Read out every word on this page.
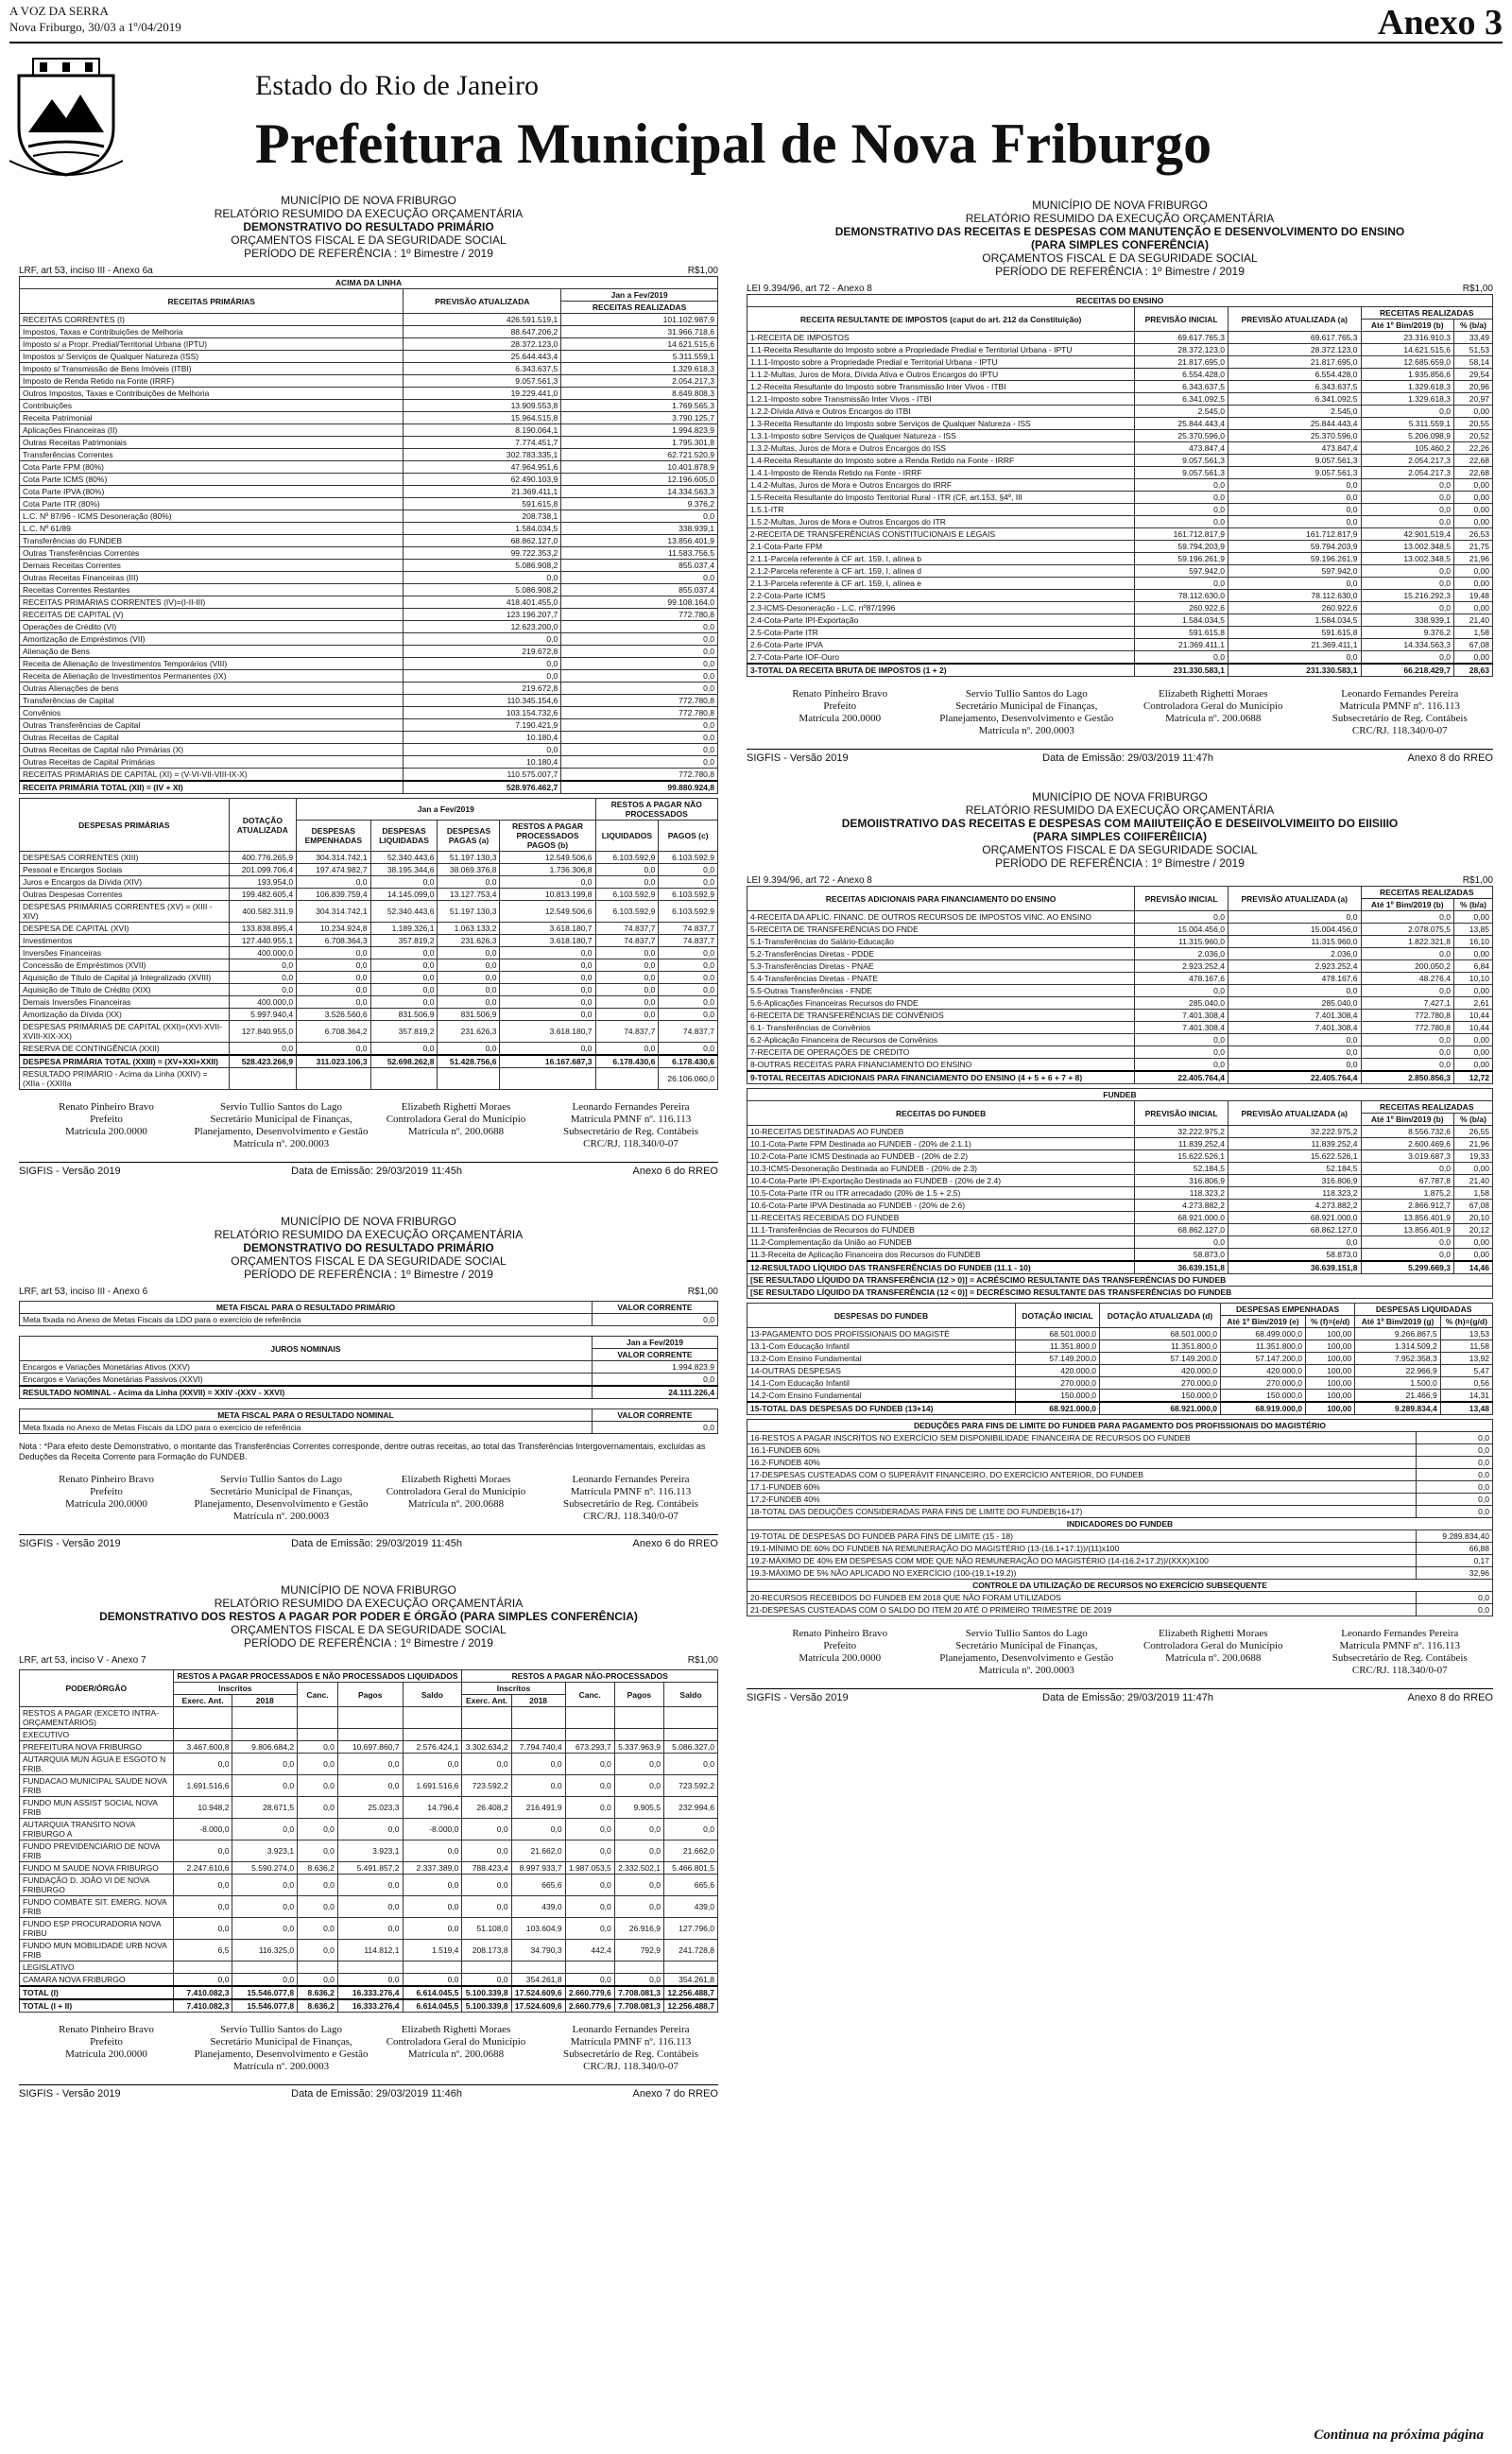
A VOZ DA SERRA
Nova Friburgo, 30/03 a 1º/04/2019	Anexo 3
Estado do Rio de Janeiro
Prefeitura Municipal de Nova Friburgo
MUNICÍPIO DE NOVA FRIBURGO
RELATÓRIO RESUMIDO DA EXECUÇÃO ORÇAMENTÁRIA
DEMONSTRATIVO DO RESULTADO PRIMÁRIO
ORÇAMENTOS FISCAL E DA SEGURIDADE SOCIAL
PERÍODO DE REFERÊNCIA : 1º Bimestre / 2019
LRF, art 53, inciso III - Anexo 6a	R$1,00
ACIMA DA LINHA		
RECEITAS PRIMÁRIAS	PREVISÃO ATUALIZADA	Jan a Fev/2019
		RECEITAS REALIZADAS
RECEITAS CORRENTES (I)	426.591.519,1	101.102.987,9
Impostos, Taxas e Contribuições de Melhoria	88.647.206,2	31.966.718,6
Imposto s/ a Propr. Predial/Territorial Urbana (IPTU)	28.372.123,0	14.621.515,6
Impostos s/ Serviços de Qualquer Natureza (ISS)	25.644.443,4	5.311.559,1
Imposto s/ Transmissão de Bens Imóveis (ITBI)	6.343.637,5	1.329.618,3
Imposto de Renda Retido na Fonte (IRRF)	9.057.561,3	2.054.217,3
Outros Impostos, Taxas e Contribuições de Melhoria	19.229.441,0	8.649.808,3
Contribuições	13.909.553,8	1.769.565,3
Receita Patrimonial	15.964.515,8	3.790.125,7
Aplicações Financeiras (II)	8.190.064,1	1.994.823,9
Outras Receitas Patrimoniais	7.774.451,7	1.795.301,8
Transferências Correntes	302.783.335,1	62.721.520,9
Cota Parte FPM (80%)	47.964.951,6	10.401.878,9
Cota Parte ICMS (80%)	62.490.103,9	12.196.605,0
Cota Parte IPVA (80%)	21.369.411,1	14.334.563,3
Cota Parte ITR (80%)	591.615,8	9.376,2
L.C. Nº 87/96 - ICMS Desoneração (80%)	208.738,1	0,0
L.C. Nº 61/89	1.584.034,5	338.939,1
Transferências do FUNDEB	68.862.127,0	13.856.401,9
Outras Transferências Correntes	99.722.353,2	11.583.756,5
Demais Receitas Correntes	5.086.908,2	855.037,4
Outras Receitas Financeiras (III)	0,0	0,0
Receitas Correntes Restantes	5.086.908,2	855.037,4
RECEITAS PRIMÁRIAS CORRENTES (IV)=(I-II-III)	418.401.455,0	99.108.164,0
RECEITAS DE CAPITAL (V)	123.196.207,7	772.780,8
Operações de Crédito (VI)	12.623.200,0	0,0
Amortização de Empréstimos (VII)	0,0	0,0
Alienação de Bens	219.672,8	0,0
Receita de Alienação de Investimentos Temporários (VIII)	0,0	0,0
Receita de Alienação de Investimentos Permanentes (IX)	0,0	0,0
Outras Alienações de bens	219.672,8	0,0
Transferências de Capital	110.345.154,6	772.780,8
Convênios	103.154.732,6	772.780,8
Outras Transferências de Capital	7.190.421,9	0,0
Outras Receitas de Capital	10.180,4	0,0
Outras Receitas de Capital não Primárias (X)	0,0	0,0
Outras Receitas de Capital Primárias	10.180,4	0,0
RECEITAS PRIMÁRIAS DE CAPITAL (XI) = (V-VI-VII-VIII-IX-X)	110.575.007,7	772.780,8
RECEITA PRIMÁRIA TOTAL (XII) = (IV + XI)	528.976.462,7	99.880.924,8
DESPESAS PRIMÁRIAS	DOTAÇÃO ATUALIZADA	Jan a Fev/2019				RESTOS A PAGAR NÃO PROCESSADOS	
		DESPESAS EMPENHADAS	DESPESAS LIQUIDADAS	DESPESAS PAGAS (a)	RESTOS A PAGAR PROCESSADOS PAGOS (b)	LIQUIDADOS	PAGOS (c)
DESPESAS CORRENTES (XIII)	400.776.265,9	304.314.742,1	52.340.443,6	51.197.130,3	12.549.506,6	6.103.592,9	6.103.592,9
Pessoal e Encargos Sociais	201.099.706,4	197.474.982,7	38.195.344,6	38.069.376,8	1.736.306,8	0,0	0,0
Juros e Encargos da Dívida (XIV)	193.954,0	0,0	0,0	0,0	0,0	0,0	0,0
Outras Despesas Correntes	199.482.605,4	106.839.759,4	14.145.099,0	13.127.753,4	10.813.199,8	6.103.592,9	6.103.592,9
DESPESAS PRIMÁRIAS CORRENTES (XV) = (XIII - XIV)	400.582.311,9	304.314.742,1	52.340.443,6	51.197.130,3	12.549.506,6	6.103.592,9	6.103.592,9
DESPESA DE CAPITAL (XVI)	133.838.895,4	10.234.924,8	1.189.326,1	1.063.133,2	3.618.180,7	74.837,7	74.837,7
Investimentos	127.440.955,1	6.708.364,3	357.819,2	231.626,3	3.618.180,7	74.837,7	74.837,7
Inversões Financeiras	400.000,0	0,0	0,0	0,0	0,0	0,0	0,0
Concessão de Empréstimos (XVII)	0,0	0,0	0,0	0,0	0,0	0,0	0,0
Aquisição de Título de Capital já Integralizado (XVIII)	0,0	0,0	0,0	0,0	0,0	0,0	0,0
Aquisição de Título de Crédito (XIX)	0,0	0,0	0,0	0,0	0,0	0,0	0,0
Demais Inversões Financeiras	400.000,0	0,0	0,0	0,0	0,0	0,0	0,0
Amortização da Dívida (XX)	5.997.940,4	3.526.560,6	831.506,9	831.506,9	0,0	0,0	0,0
DESPESAS PRIMÁRIAS DE CAPITAL (XXI)=(XVI-XVII-XVIII-XIX-XX)	127.840.955,0	6.708.364,2	357.819,2	231.626,3	3.618.180,7	74.837,7	74.837,7
RESERVA DE CONTINGÊNCIA (XXII)	0,0	0,0	0,0	0,0	0,0	0,0	0,0
DESPESA PRIMÁRIA TOTAL (XXIII) = (XV+XXI+XXII)	528.423.266,9	311.023.106,3	52.698.262,8	51.428.756,6	16.167.687,3	6.178.430,6	6.178.430,6
RESULTADO PRIMÁRIO - Acima da Linha (XXIV) = (XIIa - (XXIIIa							26.106.060,0
Renato Pinheiro Bravo
Prefeito
Matrícula 200.0000
Servio Tullio Santos do Lago
Secretário Municipal de Finanças,
Planejamento, Desenvolvimento e Gestão
Matrícula nº. 200.0003
Elizabeth Righetti Moraes
Controladora Geral do Município
Matrícula nº. 200.0688
Leonardo Fernandes Pereira
Matrícula PMNF nº. 116.113
Subsecretário de Reg. Contábeis
CRC/RJ. 118.340/0-07
SIGFIS - Versão 2019	Data de Emissão: 29/03/2019 11:45h	Anexo 6 do RREO
MUNICÍPIO DE NOVA FRIBURGO
RELATÓRIO RESUMIDO DA EXECUÇÃO ORÇAMENTÁRIA
DEMONSTRATIVO DO RESULTADO PRIMÁRIO
ORÇAMENTOS FISCAL E DA SEGURIDADE SOCIAL
PERÍODO DE REFERÊNCIA : 1º Bimestre / 2019
LRF, art 53, inciso III - Anexo 6	R$1,00
META FISCAL PARA O RESULTADO PRIMÁRIO	VALOR CORRENTE
Meta fixada no Anexo de Metas Fiscais da LDO para o exercício de referência	0,0
JUROS NOMINAIS	Jan a Fev/2019
	VALOR CORRENTE
Encargos e Variações Monetárias Ativos (XXV)	1.994.823,9
Encargos e Variações Monetárias Passivos (XXVI)	0,0
RESULTADO NOMINAL - Acima da Linha (XXVII) = XXIV -(XXV - XXVI)	24.111.226,4
META FISCAL PARA O RESULTADO NOMINAL	VALOR CORRENTE
Meta fixada no Anexo de Metas Fiscais da LDO para o exercício de referência	0,0
Nota : *Para efeito deste Demonstrativo, o montante das Transferências Correntes corresponde, dentre outras receitas, ao total das Transferências Intergovernamentais, excluídas as Deduções da Receita Corrente para Formação do FUNDEB.
Renato Pinheiro Bravo
Prefeito
Matrícula 200.0000
Servio Tullio Santos do Lago
Secretário Municipal de Finanças,
Planejamento, Desenvolvimento e Gestão
Matrícula nº. 200.0003
Elizabeth Righetti Moraes
Controladora Geral do Município
Matrícula nº. 200.0688
Leonardo Fernandes Pereira
Matrícula PMNF nº. 116.113
Subsecretário de Reg. Contábeis
CRC/RJ. 118.340/0-07
SIGFIS - Versão 2019	Data de Emissão: 29/03/2019 11:45h	Anexo 6 do RREO
MUNICÍPIO DE NOVA FRIBURGO
RELATÓRIO RESUMIDO DA EXECUÇÃO ORÇAMENTÁRIA
DEMONSTRATIVO DOS RESTOS A PAGAR POR PODER E ÓRGÃO (PARA SIMPLES CONFERÊNCIA)
ORÇAMENTOS FISCAL E DA SEGURIDADE SOCIAL
PERÍODO DE REFERÊNCIA : 1º Bimestre / 2019
LRF, art 53, inciso V - Anexo 7	R$1,00
PODER/ÓRGÃO	RESTOS A PAGAR PROCESSADOS E NÃO PROCESSADOS LIQUIDADOS					RESTOS A PAGAR NÃO-PROCESSADOS				
	Inscritos		Canc.	Pagos	Saldo	Inscritos		Canc.	Pagos	Saldo
	Exerc. Ant.	2018				Exerc. Ant.	2018			
RESTOS A PAGAR (EXCETO INTRA-ORÇAMENTÁRIOS)										
EXECUTIVO										
PREFEITURA NOVA FRIBURGO	3.467.600,8	9.806.684,2	0,0	10.697.860,7	2.576.424,1	3.302.634,2	7.794.740,4	673.293,7	5.337.963,9	5.086.327,0
AUTARQUIA MUN ÁGUA E ESGOTO N FRIB.	0,0	0,0	0,0	0,0	0,0	0,0	0,0	0,0	0,0	0,0
FUNDACAO MUNICIPAL SAUDE NOVA FRIB	1.691.516,6	0,0	0,0	0,0	1.691.516,6	723.592,2	0,0	0,0	0,0	723.592,2
FUNDO MUN ASSIST SOCIAL NOVA FRIB	10.948,2	28.671,5	0,0	25.023,3	14.796,4	26.408,2	216.491,9	0,0	9.905,5	232.994,6
AUTARQUIA TRANSITO NOVA FRIBURGO A	-8.000,0	0,0	0,0	0,0	-8.000,0	0,0	0,0	0,0	0,0	0,0
FUNDO PREVIDENCIÁRIO DE NOVA FRIB	0,0	3.923,1	0,0	3.923,1	0,0	0,0	21.662,0	0,0	0,0	21.662,0
FUNDO M SAUDE NOVA FRIBURGO	2.247.610,6	5.590.274,0	8.636,2	5.491.857,2	2.337.389,0	788.423,4	8.997.933,7	1.987.053,5	2.332.502,1	5.466.801,5
FUNDAÇÃO D. JOÃO VI DE NOVA FRIBURGO	0,0	0,0	0,0	0,0	0,0	0,0	665,6	0,0	0,0	665,6
FUNDO COMBATE SIT. EMERG. NOVA FRIB	0,0	0,0	0,0	0,0	0,0	0,0	439,0	0,0	0,0	439,0
FUNDO ESP PROCURADORIA NOVA FRIBU	0,0	0,0	0,0	0,0	0,0	51.108,0	103.604,9	0,0	26.916,9	127.796,0
FUNDO MUN MOBILIDADE URB NOVA FRIB	6,5	116.325,0	0,0	114.812,1	1.519,4	208.173,8	34.790,3	442,4	792,9	241.728,8
LEGISLATIVO										
CAMARA NOVA FRIBURGO	0,0	0,0	0,0	0,0	0,0	0,0	354.261,8	0,0	0,0	354.261,8
TOTAL (I)	7.410.082,3	15.546.077,8	8.636,2	16.333.276,4	6.614.045,5	5.100.339,8	17.524.609,6	2.660.779,6	7.708.081,3	12.256.488,7
TOTAL (I + II)	7.410.082,3	15.546.077,8	8.636,2	16.333.276,4	6.614.045,5	5.100.339,8	17.524.609,6	2.660.779,6	7.708.081,3	12.256.488,7
Renato Pinheiro Bravo
Prefeito
Matrícula 200.0000
Servio Tullio Santos do Lago
Secretário Municipal de Finanças,
Planejamento, Desenvolvimento e Gestão
Matrícula nº. 200.0003
Elizabeth Righetti Moraes
Controladora Geral do Município
Matrícula nº. 200.0688
Leonardo Fernandes Pereira
Matrícula PMNF nº. 116.113
Subsecretário de Reg. Contábeis
CRC/RJ. 118.340/0-07
SIGFIS - Versão 2019	Data de Emissão: 29/03/2019 11:46h	Anexo 7 do RREO
MUNICÍPIO DE NOVA FRIBURGO
RELATÓRIO RESUMIDO DA EXECUÇÃO ORÇAMENTÁRIA
DEMONSTRATIVO DAS RECEITAS E DESPESAS COM MANUTENÇÃO E DESENVOLVIMENTO DO ENSINO
(PARA SIMPLES CONFERÊNCIA)
ORÇAMENTOS FISCAL E DA SEGURIDADE SOCIAL
PERÍODO DE REFERÊNCIA : 1º Bimestre / 2019
LEI 9.394/96, art 72 - Anexo 8	R$1,00
RECEITAS DO ENSINO				
RECEITA RESULTANTE DE IMPOSTOS (caput do art. 212 da Constituição)	PREVISÃO INICIAL	PREVISÃO ATUALIZADA (a)	RECEITAS REALIZADAS	
			Até 1º Bim/2019 (b)	% (b/a)
1-RECEITA DE IMPOSTOS	69.617.765,3	69.617.765,3	23.316.910,3	33,49
1.1-Receita Resultante do Imposto sobre a Propriedade Predial e Territorial Urbana - IPTU	28.372.123,0	28.372.123,0	14.621.515,6	51,53
1.1.1-Imposto sobre a Propriedade Predial e Territorial Urbana - IPTU	21.817.695,0	21.817.695,0	12.685.659,0	58,14
1.1.2-Multas, Juros de Mora, Dívida Ativa e Outros Encargos do IPTU	6.554.428,0	6.554.428,0	1.935.856,6	29,54
1.2-Receita Resultante do Imposto sobre Transmissão Inter Vivos - ITBI	6.343.637,5	6.343.637,5	1.329.618,3	20,96
1.2.1-Imposto sobre Transmissão Inter Vivos - ITBI	6.341.092,5	6.341.092,5	1.329.618,3	20,97
1.2.2-Dívida Ativa e Outros Encargos do ITBI	2.545,0	2.545,0	0,0	0,00
1.3-Receita Resultante do Imposto sobre Serviços de Qualquer Natureza - ISS	25.844.443,4	25.844.443,4	5.311.559,1	20,55
1.3.1-Imposto sobre Serviços de Qualquer Natureza - ISS	25.370.596,0	25.370.596,0	5.206.098,9	20,52
1.3.2-Multas, Juros de Mora e Outros Encargos do ISS	473.847,4	473.847,4	105.460,2	22,26
1.4-Receita Resultante do Imposto sobre a Renda Retido na Fonte - IRRF	9.057.561,3	9.057.561,3	2.054.217,3	22,68
1.4.1-Imposto de Renda Retido na Fonte - IRRF	9.057.561,3	9.057.561,3	2.054.217,3	22,68
1.4.2-Multas, Juros de Mora e Outros Encargos do IRRF	0,0	0,0	0,0	0,00
1.5-Receita Resultante do Imposto Territorial Rural - ITR (CF, art.153, §4º, III	0,0	0,0	0,0	0,00
1.5.1-ITR	0,0	0,0	0,0	0,00
1.5.2-Multas, Juros de Mora e Outros Encargos do ITR	0,0	0,0	0,0	0,00
2-RECEITA DE TRANSFERÊNCIAS CONSTITUCIONAIS E LEGAIS	161.712.817,9	161.712.817,9	42.901.519,4	26,53
2.1-Cota-Parte FPM	59.794.203,9	59.794.203,9	13.002.348,5	21,75
2.1.1-Parcela referente à CF art. 159, I, alínea b	59.196.261,9	59.196.261,9	13.002.348,5	21,96
2.1.2-Parcela referente à CF art. 159, I, alínea d	597.942,0	597.942,0	0,0	0,00
2.1.3-Parcela referente à CF art. 159, I, alínea e	0,0	0,0	0,0	0,00
2.2-Cota-Parte ICMS	78.112.630,0	78.112.630,0	15.216.292,3	19,48
2.3-ICMS-Desoneração - L.C. nº87/1996	260.922,6	260.922,6	0,0	0,00
2.4-Cota-Parte IPI-Exportação	1.584.034,5	1.584.034,5	338.939,1	21,40
2.5-Cota-Parte ITR	591.615,8	591.615,8	9.376,2	1,58
2.6-Cota-Parte IPVA	21.369.411,1	21.369.411,1	14.334.563,3	67,08
2.7-Cota-Parte IOF-Ouro	0,0	0,0	0,0	0,00
3-TOTAL DA RECEITA BRUTA DE IMPOSTOS (1 + 2)	231.330.583,1	231.330.583,1	66.218.429,7	28,63
Renato Pinheiro Bravo
Prefeito
Matrícula 200.0000
Servio Tullio Santos do Lago
Secretário Municipal de Finanças,
Planejamento, Desenvolvimento e Gestão
Matrícula nº. 200.0003
Elizabeth Righetti Moraes
Controladora Geral do Município
Matrícula nº. 200.0688
Leonardo Fernandes Pereira
Matrícula PMNF nº. 116.113
Subsecretário de Reg. Contábeis
CRC/RJ. 118.340/0-07
SIGFIS - Versão 2019	Data de Emissão: 29/03/2019 11:47h	Anexo 8 do RREO
MUNICÍPIO DE NOVA FRIBURGO
RELATÓRIO RESUMIDO DA EXECUÇÃO ORÇAMENTÁRIA
DEMOIISTRATIVO DAS RECEITAS E DESPESAS COM MAIIUTEIIÇÃO E DESEIIVOLVIMEIITO DO EIISIIIO
(PARA SIMPLES COIIFERÊIICIA)
ORÇAMENTOS FISCAL E DA SEGURIDADE SOCIAL
PERÍODO DE REFERÊNCIA : 1º Bimestre / 2019
LEI 9.394/96, art 72 - Anexo 8	R$1,00
RECEITAS ADICIONAIS PARA FINANCIAMENTO DO ENSINO	PREVISÃO INICIAL	PREVISÃO ATUALIZADA (a)	RECEITAS REALIZADAS	
			Até 1º Bim/2019 (b)	% (b/a)
4-RECEITA DA APLIC. FINANC. DE OUTROS RECURSOS DE IMPOSTOS VINC. AO ENSINO	0,0	0,0	0,0	0,00
5-RECEITA DE TRANSFERÊNCIAS DO FNDE	15.004.456,0	15.004.456,0	2.078.075,5	13,85
5.1-Transferências do Salário-Educação	11.315.960,0	11.315.960,0	1.822.321,8	16,10
5.2-Transferências Diretas - PDDE	2.036,0	2.036,0	0,0	0,00
5.3-Transferências Diretas - PNAE	2.923.252,4	2.923.252,4	200.050,2	6,84
5.4-Transferências Diretas - PNATE	478.167,6	478.167,6	48.276,4	10,10
5.5-Outras Transferências - FNDE	0,0	0,0	0,0	0,00
5.6-Aplicações Financeiras Recursos do FNDE	285.040,0	285.040,0	7.427,1	2,61
6-RECEITA DE TRANSFERÊNCIAS DE CONVÊNIOS	7.401.308,4	7.401.308,4	772.780,8	10,44
6.1- Transferências de Convênios	7.401.308,4	7.401.308,4	772.780,8	10,44
6.2-Aplicação Financeira de Recursos de Convênios	0,0	0,0	0,0	0,00
7-RECEITA DE OPERAÇÕES DE CRÉDITO	0,0	0,0	0,0	0,00
8-OUTRAS RECEITAS PARA FINANCIAMENTO DO ENSINO	0,0	0,0	0,0	0,00
9-TOTAL RECEITAS ADICIONAIS PARA FINANCIAMENTO DO ENSINO (4 + 5 + 6 + 7 + 8)	22.405.764,4	22.405.764,4	2.850.856,3	12,72
FUNDEB				
RECEITAS DO FUNDEB	PREVISÃO INICIAL	PREVISÃO ATUALIZADA (a)	RECEITAS REALIZADAS	
			Até 1º Bim/2019 (b)	% (b/a)
10-RECEITAS DESTINADAS AO FUNDEB	32.222.975,2	32.222.975,2	8.556.732,6	26,55
10.1-Cota-Parte FPM Destinada ao FUNDEB - (20% de 2.1.1)	11.839.252,4	11.839.252,4	2.600.469,6	21,96
10.2-Cota-Parte ICMS Destinada ao FUNDEB - (20% de 2.2)	15.622.526,1	15.622.526,1	3.019.687,3	19,33
10.3-ICMS-Desoneração Destinada ao FUNDEB - (20% de 2.3)	52.184,5	52.184,5	0,0	0,00
10.4-Cota-Parte IPI-Exportação Destinada ao FUNDEB - (20% de 2.4)	316.806,9	316.806,9	67.787,8	21,40
10.5-Cota-Parte ITR ou ITR arrecadado (20% de 1.5 + 2.5)	118.323,2	118.323,2	1.875,2	1,58
10.6-Cota-Parte IPVA Destinada ao FUNDEB - (20% de 2.6)	4.273.882,2	4.273.882,2	2.866.912,7	67,08
11-RECEITAS RECEBIDAS DO FUNDEB	68.921.000,0	68.921.000,0	13.856.401,9	20,10
11.1-Transferências de Recursos do FUNDEB	68.862.127,0	68.862.127,0	13.856.401,9	20,12
11.2-Complementação da União ao FUNDEB	0,0	0,0	0,0	0,00
11.3-Receita de Aplicação Financeira dos Recursos do FUNDEB	58.873,0	58.873,0	0,0	0,00
12-RESULTADO LÍQUIDO DAS TRANSFERÊNCIAS DO FUNDEB (11.1 - 10)	36.639.151,8	36.639.151,8	5.299.669,3	14,46
[SE RESULTADO LÍQUIDO DA TRANSFERÊNCIA (12 > 0)] = ACRÉSCIMO RESULTANTE DAS TRANSFERÊNCIAS DO FUNDEB				
[SE RESULTADO LÍQUIDO DA TRANSFERÊNCIA (12 < 0)] = DECRÉSCIMO RESULTANTE DAS TRANSFERÊNCIAS DO FUNDEB				
DESPESAS DO FUNDEB	DOTAÇÃO INICIAL	DOTAÇÃO ATUALIZADA (d)	DESPESAS EMPENHADAS		DESPESAS LIQUIDADAS	
			Até 1º Bim/2019 (e)	% (f)=(e/d)	Até 1º Bim/2019 (g)	% (h)=(g/d)
13-PAGAMENTO DOS PROFISSIONAIS DO MAGISTÉ	68.501.000,0	68.501.000,0	68.499.000,0	100,00	9.266.867,5	13,53
13.1-Com Educação Infantil	11.351.800,0	11.351.800,0	11.351.800,0	100,00	1.314.509,2	11,58
13.2-Com Ensino Fundamental	57.149.200,0	57.149.200,0	57.147.200,0	100,00	7.952.358,3	13,92
14-OUTRAS DESPESAS	420.000,0	420.000,0	420.000,0	100,00	22.966,9	5,47
14.1-Com Educação Infantil	270.000,0	270.000,0	270.000,0	100,00	1.500,0	0,56
14.2-Com Ensino Fundamental	150.000,0	150.000,0	150.000,0	100,00	21.466,9	14,31
15-TOTAL DAS DESPESAS DO FUNDEB (13+14)	68.921.000,0	68.921.000,0	68.919.000,0	100,00	9.289.834,4	13,48
DEDUÇÕES PARA FINS DE LIMITE DO FUNDEB PARA PAGAMENTO DOS PROFISSIONAIS DO MAGISTÉRIO	
16-RESTOS A PAGAR INSCRITOS NO EXERCÍCIO SEM DISPONIBILIDADE FINANCEIRA DE RECURSOS DO FUNDEB	0,0
16.1-FUNDEB 60%	0,0
16.2-FUNDEB 40%	0,0
17-DESPESAS CUSTEADAS COM O SUPERÁVIT FINANCEIRO, DO EXERCÍCIO ANTERIOR, DO FUNDEB	0,0
17.1-FUNDEB 60%	0,0
17.2-FUNDEB 40%	0,0
18-TOTAL DAS DEDUÇÕES CONSIDERADAS PARA FINS DE LIMITE DO FUNDEB(16+17)	0,0
INDICADORES DO FUNDEB	
19-TOTAL DE DESPESAS DO FUNDEB PARA FINS DE LIMITE (15 - 18)	9.289.834,40
19.1-MÍNIMO DE 60% DO FUNDEB NA REMUNERAÇÃO DO MAGISTÉRIO (13-(16.1+17.1))/(11)x100	66,88
19.2-MÁXIMO DE 40% EM DESPESAS COM MDE QUE NÃO REMUNERAÇÃO DO MAGISTÉRIO (14-(16.2+17.2))/(XXX)X100	0,17
19.3-MÁXIMO DE 5% NÃO APLICADO NO EXERCÍCIO (100-(19.1+19.2))	32,96
CONTROLE DA UTILIZAÇÃO DE RECURSOS NO EXERCÍCIO SUBSEQUENTE	
20-RECURSOS RECEBIDOS DO FUNDEB EM 2018 QUE NÃO FORAM UTILIZADOS	0,0
21-DESPESAS CUSTEADAS COM O SALDO DO ITEM 20 ATÉ O PRIMEIRO TRIMESTRE DE 2019	0,0
Renato Pinheiro Bravo
Prefeito
Matrícula 200.0000
Servio Tullio Santos do Lago
Secretário Municipal de Finanças,
Planejamento, Desenvolvimento e Gestão
Matrícula nº. 200.0003
Elizabeth Righetti Moraes
Controladora Geral do Município
Matrícula nº. 200.0688
Leonardo Fernandes Pereira
Matrícula PMNF nº. 116.113
Subsecretário de Reg. Contábeis
CRC/RJ. 118.340/0-07
SIGFIS - Versão 2019	Data de Emissão: 29/03/2019 11:47h	Anexo 8 do RREO
Continua na próxima página
